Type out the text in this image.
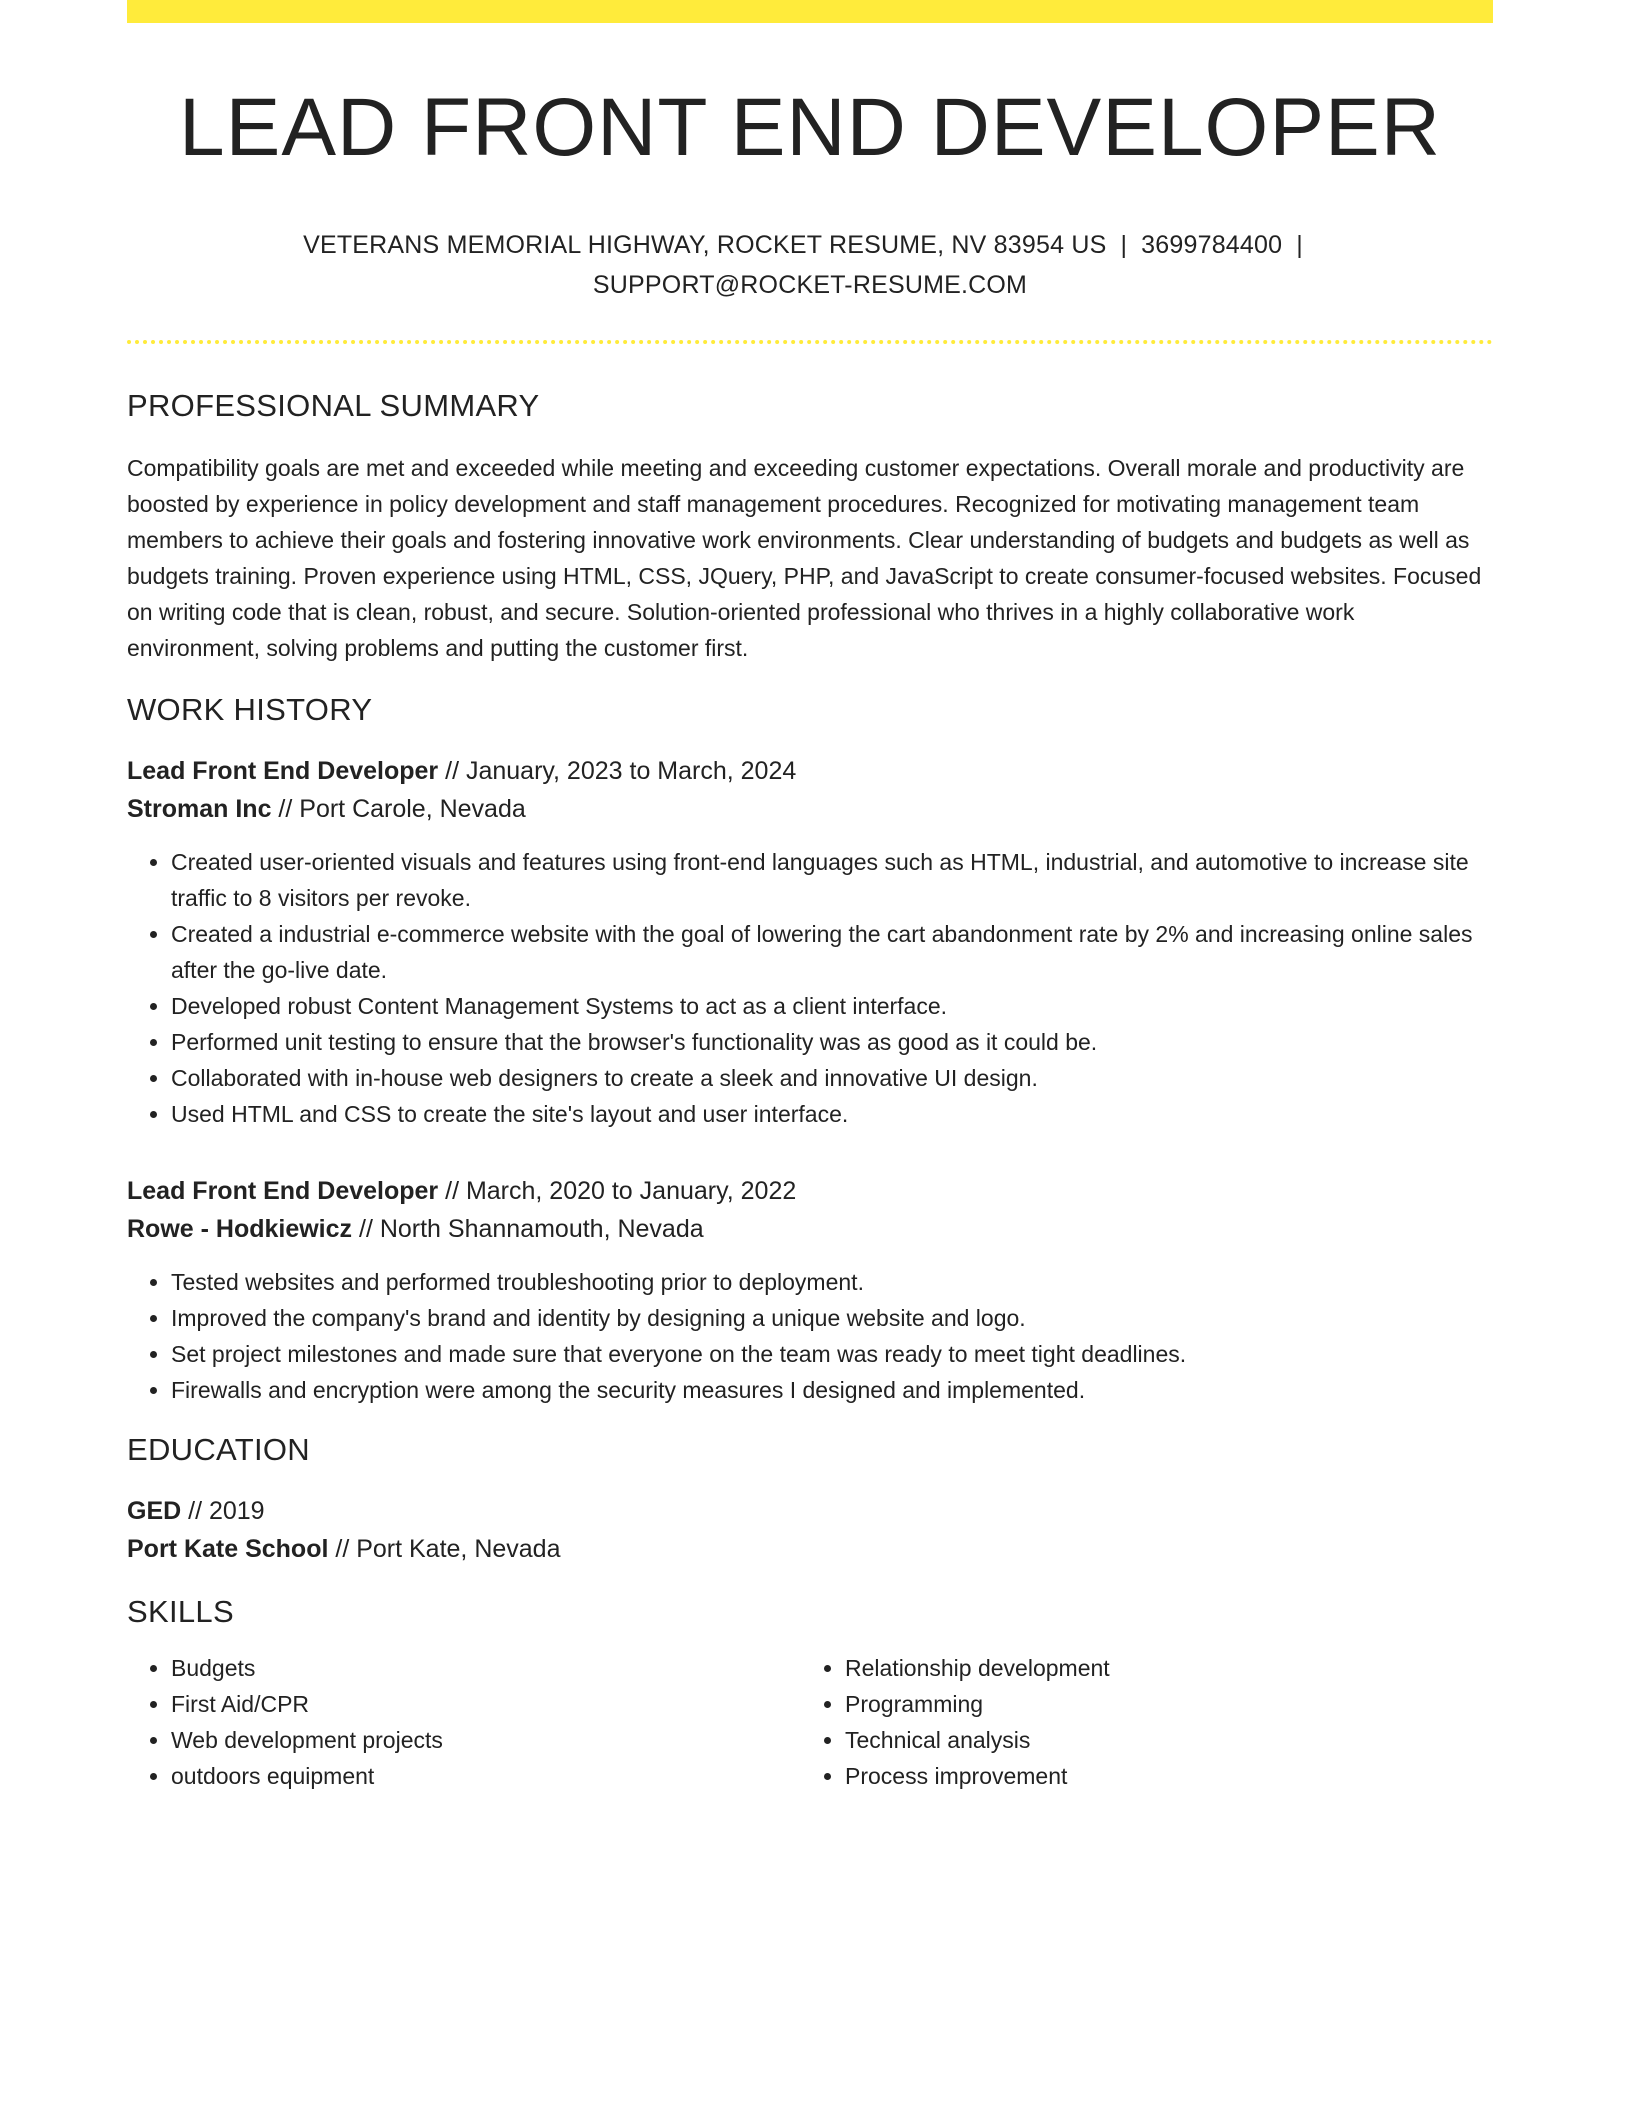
LEAD FRONT END DEVELOPER
VETERANS MEMORIAL HIGHWAY, ROCKET RESUME, NV 83954 US | 3699784400 |
SUPPORT@ROCKET-RESUME.COM
PROFESSIONAL SUMMARY

Compatibility goals are met and exceeded while meeting and exceeding customer expectations. Overall morale and productivity are boosted by experience in policy development and staff management procedures. Recognized for motivating management team members to achieve their goals and fostering innovative work environments. Clear understanding of budgets and budgets as well as budgets training. Proven experience using HTML, CSS, JQuery, PHP, and JavaScript to create consumer-focused websites. Focused on writing code that is clean, robust, and secure. Solution-oriented professional who thrives in a highly collaborative work environment, solving problems and putting the customer first.

WORK HISTORY
Lead Front End Developer // January, 2023 to March, 2024
Stroman Inc // Port Carole, Nevada
• Created user-oriented visuals and features using front-end languages such as HTML, industrial, and automotive to increase site traffic to 8 visitors per revoke.
• Created a industrial e-commerce website with the goal of lowering the cart abandonment rate by 2% and increasing online sales after the go-live date.
• Developed robust Content Management Systems to act as a client interface.
• Performed unit testing to ensure that the browser's functionality was as good as it could be.
• Collaborated with in-house web designers to create a sleek and innovative UI design.
• Used HTML and CSS to create the site's layout and user interface.
Lead Front End Developer // March, 2020 to January, 2022
Rowe - Hodkiewicz // North Shannamouth, Nevada
• Tested websites and performed troubleshooting prior to deployment.
• Improved the company's brand and identity by designing a unique website and logo.
• Set project milestones and made sure that everyone on the team was ready to meet tight deadlines.
• Firewalls and encryption were among the security measures I designed and implemented.
EDUCATION
GED // 2019
Port Kate School // Port Kate, Nevada
SKILLS
• Budgets
• First Aid/CPR
• Web development projects
• outdoors equipment
• Relationship development
• Programming
• Technical analysis
• Process improvement
